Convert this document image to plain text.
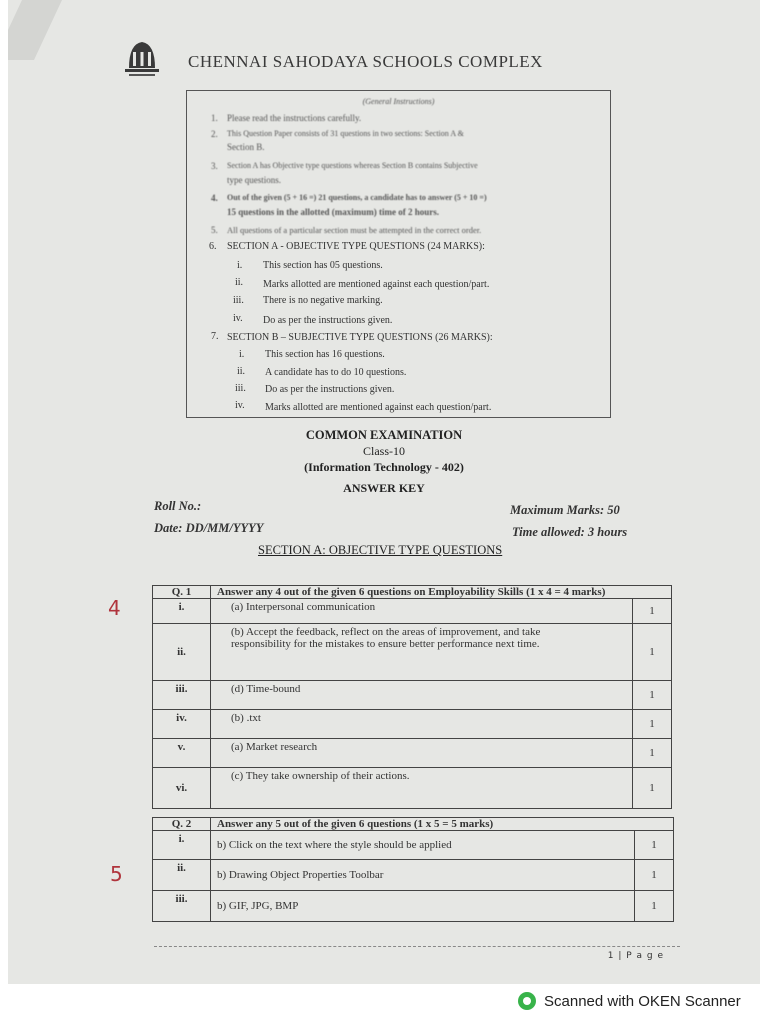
CHENNAI SAHODAYA SCHOOLS COMPLEX
(General Instructions)
1. Please read the instructions carefully.
2. This Question Paper consists of 31 questions in two sections: Section A &
Section B.
3. Section A has Objective type questions whereas Section B contains Subjective
type questions.
4. Out of the given (5 + 16 =) 21 questions, a candidate has to answer (5 + 10 =)
15 questions in the allotted (maximum) time of 2 hours.
5. All questions of a particular section must be attempted in the correct order.
6. SECTION A - OBJECTIVE TYPE QUESTIONS (24 MARKS):
i. This section has 05 questions.
ii. Marks allotted are mentioned against each question/part.
iii. There is no negative marking.
iv. Do as per the instructions given.
7. SECTION B – SUBJECTIVE TYPE QUESTIONS (26 MARKS):
i. This section has 16 questions.
ii. A candidate has to do 10 questions.
iii. Do as per the instructions given.
iv. Marks allotted are mentioned against each question/part.
COMMON EXAMINATION
Class-10
(Information Technology - 402)
ANSWER KEY
Roll No.:
Date: DD/MM/YYYY
Maximum Marks: 50
Time allowed: 3 hours
SECTION A: OBJECTIVE TYPE QUESTIONS
Q. 1	Answer any 4 out of the given 6 questions on Employability Skills (1 x 4 = 4 marks)	
i.	(a) Interpersonal communication	1
ii.	(b) Accept the feedback, reflect on the areas of improvement, and take responsibility for the mistakes to ensure better performance next time.	1
iii.	(d) Time-bound	1
iv.	(b) .txt	1
v.	(a) Market research	1
vi.	(c) They take ownership of their actions.	1
Q. 2	Answer any 5 out of the given 6 questions (1 x 5 = 5 marks)	
i.	b) Click on the text where the style should be applied	1
ii.	b) Drawing Object Properties Toolbar	1
iii.	b) GIF, JPG, BMP	1
4
5
1 | P a g e
Scanned with OKEN Scanner
